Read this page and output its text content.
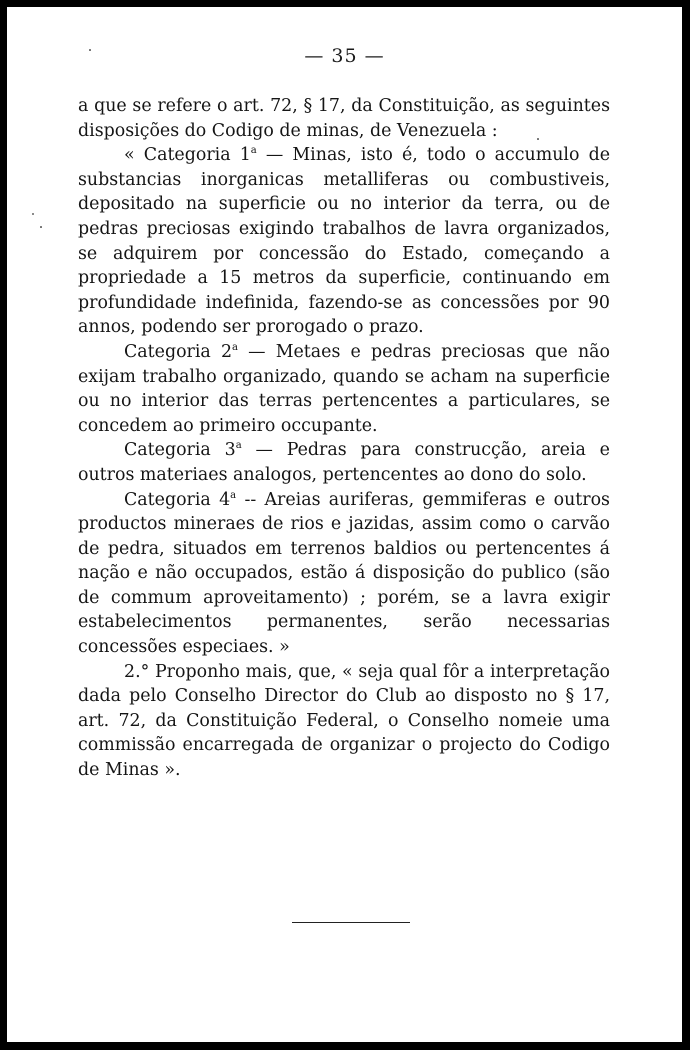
— 35 —

a que se refere o art. 72, § 17, da Constituição, as seguintes disposições do Codigo de minas, de Venezuela :

« Categoria 1$^a$ — Minas, isto é, todo o accumulo de substancias inorganicas metalliferas ou combustiveis, depositado na superficie ou no interior da terra, ou de pedras preciosas exigindo trabalhos de lavra organizados, se adquirem por concessão do Estado, começando a propriedade a 15 metros da superficie, continuando em profundidade indefinida, fazendo-se as concessões por 90 annos, podendo ser prorogado o prazo.

Categoria 2$^a$ — Metaes e pedras preciosas que não exijam trabalho organizado, quando se acham na superficie ou no interior das terras pertencentes a particulares, se concedem ao primeiro occupante.

Categoria 3$^a$ — Pedras para construcção, areia e outros materiaes analogos, pertencentes ao dono do solo.

Categoria 4$^a$ -- Areias auriferas, gemmiferas e outros productos mineraes de rios e jazidas, assim como o carvão de pedra, situados em terrenos baldios ou pertencentes á nação e não occupados, estão á disposição do publico (são de commum aproveitamento) ; porém, se a lavra exigir estabelecimentos permanentes, serão necessarias concessões especiaes. »

2.° Proponho mais, que, « seja qual fôr a interpretação dada pelo Conselho Director do Club ao disposto no § 17, art. 72, da Constituição Federal, o Conselho nomeie uma commissão encarregada de organizar o projecto do Codigo de Minas ».
